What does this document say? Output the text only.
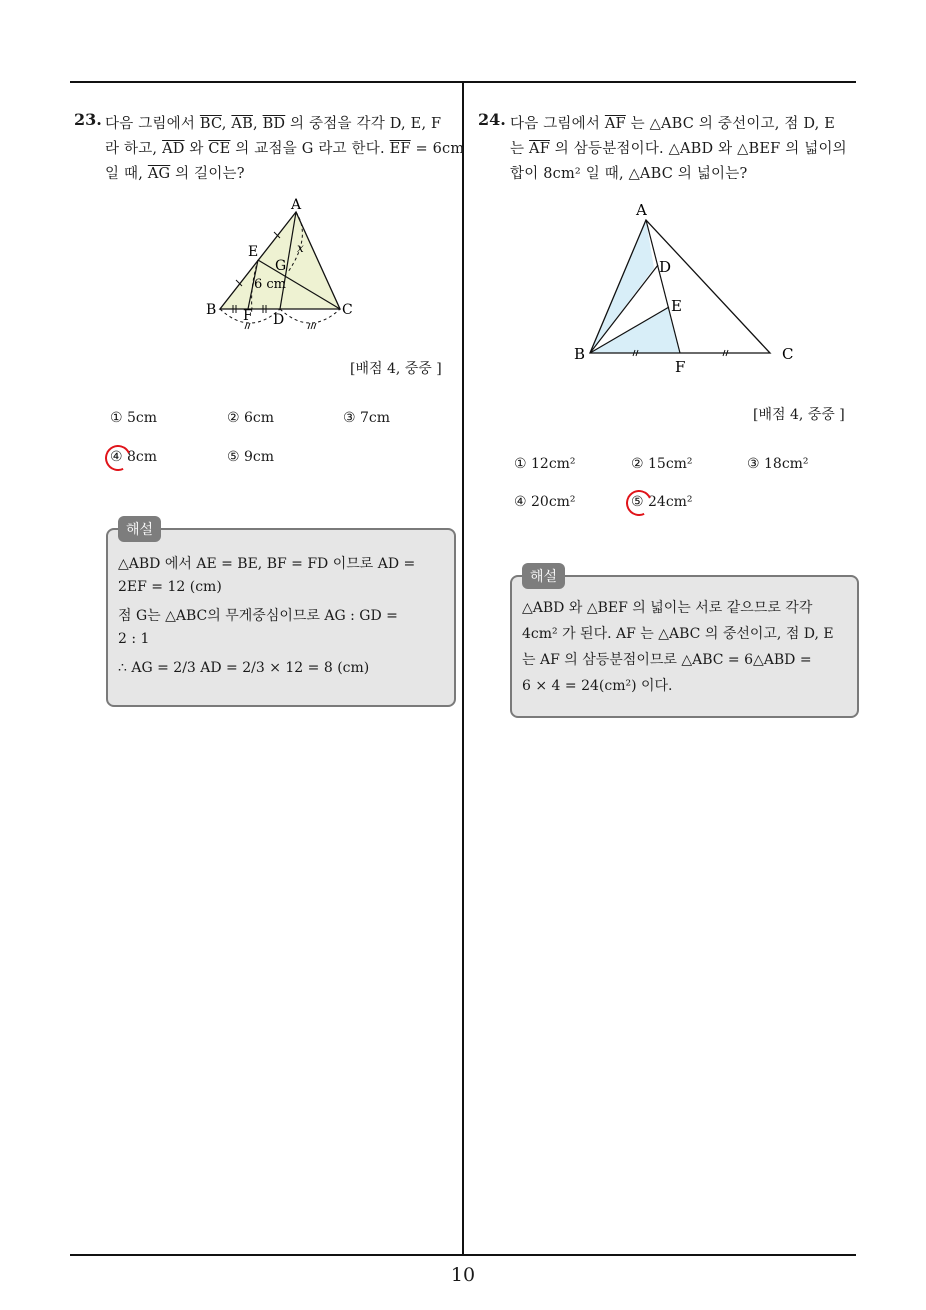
10
23. 다음 그림에서 $\overline{BC}$, $\overline{AB}$, $\overline{BD}$ 의 중점을 각각 D, E, F
라 하고, $\overline{AD}$ 와 $\overline{CE}$ 의 교점을 G 라고 한다. $\overline{EF} = 6cm$
일 때, $\overline{AG}$ 의 길이는?
A
B	C
D
E
F
G
x
6 cm
[배점 4, 중중 ]
① 5cm	② 6cm	③ 7cm
④ 8cm	⑤ 9cm
해설
△ABD 에서 AE = BE, BF = FD 이므로 AD =
2EF = 12 (cm)
점 G는 △ABC의 무게중심이므로 AG : GD =
2 : 1
∴ AG = 2/3 AD = 2/3 × 12 = 8 (cm)
24. 다음 그림에서 $\overline{AF}$ 는 △ABC 의 중선이고, 점 D, E
는 $\overline{AF}$ 의 삼등분점이다. △ABD 와 △BEF 의 넓이의
합이 8cm² 일 때, △ABC 의 넓이는?
A
B	C
D
E
F
[배점 4, 중중 ]
① 12cm²	② 15cm²	③ 18cm²
④ 20cm²	⑤ 24cm²
해설
△ABD 와 △BEF 의 넓이는 서로 같으므로 각각
4cm² 가 된다. AF 는 △ABC 의 중선이고, 점 D, E
는 AF 의 삼등분점이므로 △ABC = 6△ABD =
6 × 4 = 24(cm²) 이다.
